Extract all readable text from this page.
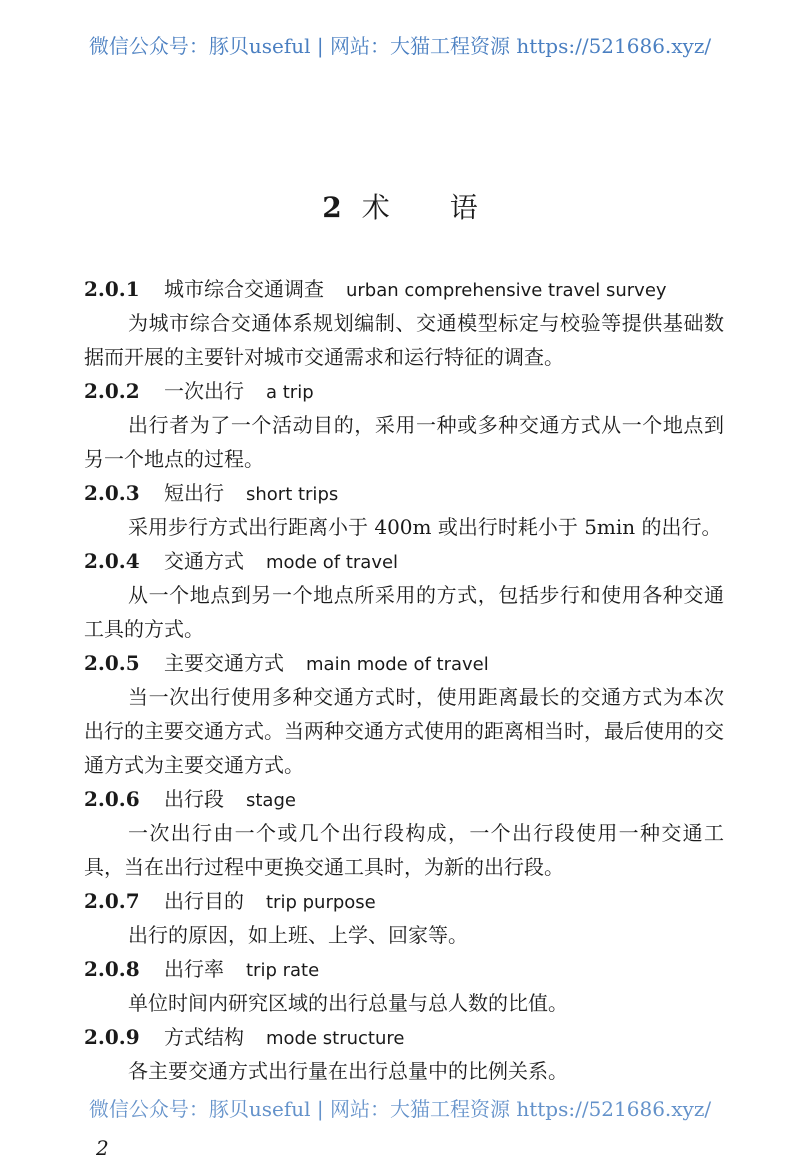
微信公众号：豚贝useful | 网站：大猫工程资源 https://521686.xyz/
2 术 语
2.0.1 城市综合交通调查 urban comprehensive travel survey

为城市综合交通体系规划编制、交通模型标定与校验等提供基础数据而开展的主要针对城市交通需求和运行特征的调查。

2.0.2 一次出行 a trip

出行者为了一个活动目的，采用一种或多种交通方式从一个地点到另一个地点的过程。

2.0.3 短出行 short trips

采用步行方式出行距离小于 400m 或出行时耗小于 5min 的出行。

2.0.4 交通方式 mode of travel

从一个地点到另一个地点所采用的方式，包括步行和使用各种交通工具的方式。

2.0.5 主要交通方式 main mode of travel

当一次出行使用多种交通方式时，使用距离最长的交通方式为本次出行的主要交通方式。当两种交通方式使用的距离相当时，最后使用的交通方式为主要交通方式。

2.0.6 出行段 stage

一次出行由一个或几个出行段构成，一个出行段使用一种交通工具，当在出行过程中更换交通工具时，为新的出行段。

2.0.7 出行目的 trip purpose

出行的原因，如上班、上学、回家等。

2.0.8 出行率 trip rate

单位时间内研究区域的出行总量与总人数的比值。

2.0.9 方式结构 mode structure

各主要交通方式出行量在出行总量中的比例关系。

微信公众号：豚贝useful | 网站：大猫工程资源 https://521686.xyz/
2
